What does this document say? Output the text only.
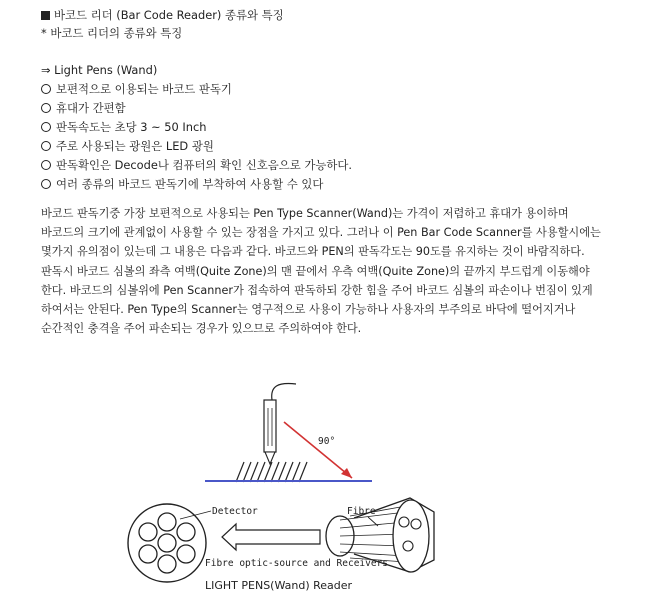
바코드 리더 (Bar Code Reader) 종류와 특징
* 바코드 리더의 종류와 특징
⇒ Light Pens (Wand)
보편적으로 이용되는 바코드 판독기
휴대가 간편함
판독속도는 초당 3 ~ 50 Inch
주로 사용되는 광원은 LED 광원
판독확인은 Decode나 컴퓨터의 확인 신호음으로 가능하다.
여러 종류의 바코드 판독기에 부착하여 사용할 수 있다
바코드 판독기중 가장 보편적으로 사용되는 Pen Type Scanner(Wand)는 가격이 저렴하고 휴대가 용이하며
바코드의 크기에 관계없이 사용할 수 있는 장점을 가지고 있다. 그러나 이 Pen Bar Code Scanner를 사용할시에는
몇가지 유의점이 있는데 그 내용은 다음과 같다. 바코드와 PEN의 판독각도는 90도를 유지하는 것이 바람직하다.
판독시 바코드 심볼의 좌측 여백(Quite Zone)의 맨 끝에서 우측 여백(Quite Zone)의 끝까지 부드럽게 이동해야
한다. 바코드의 심볼위에 Pen Scanner가 접속하여 판독하되 강한 힘을 주어 바코드 심볼의 파손이나 번짐이 있게
하여서는 안된다. Pen Type의 Scanner는 영구적으로 사용이 가능하나 사용자의 부주의로 바닥에 떨어지거나
순간적인 충격을 주어 파손되는 경우가 있으므로 주의하여야 한다.
90°
Detector	Fibre
Fibre optic-source and Receivers
LIGHT PENS(Wand) Reader
